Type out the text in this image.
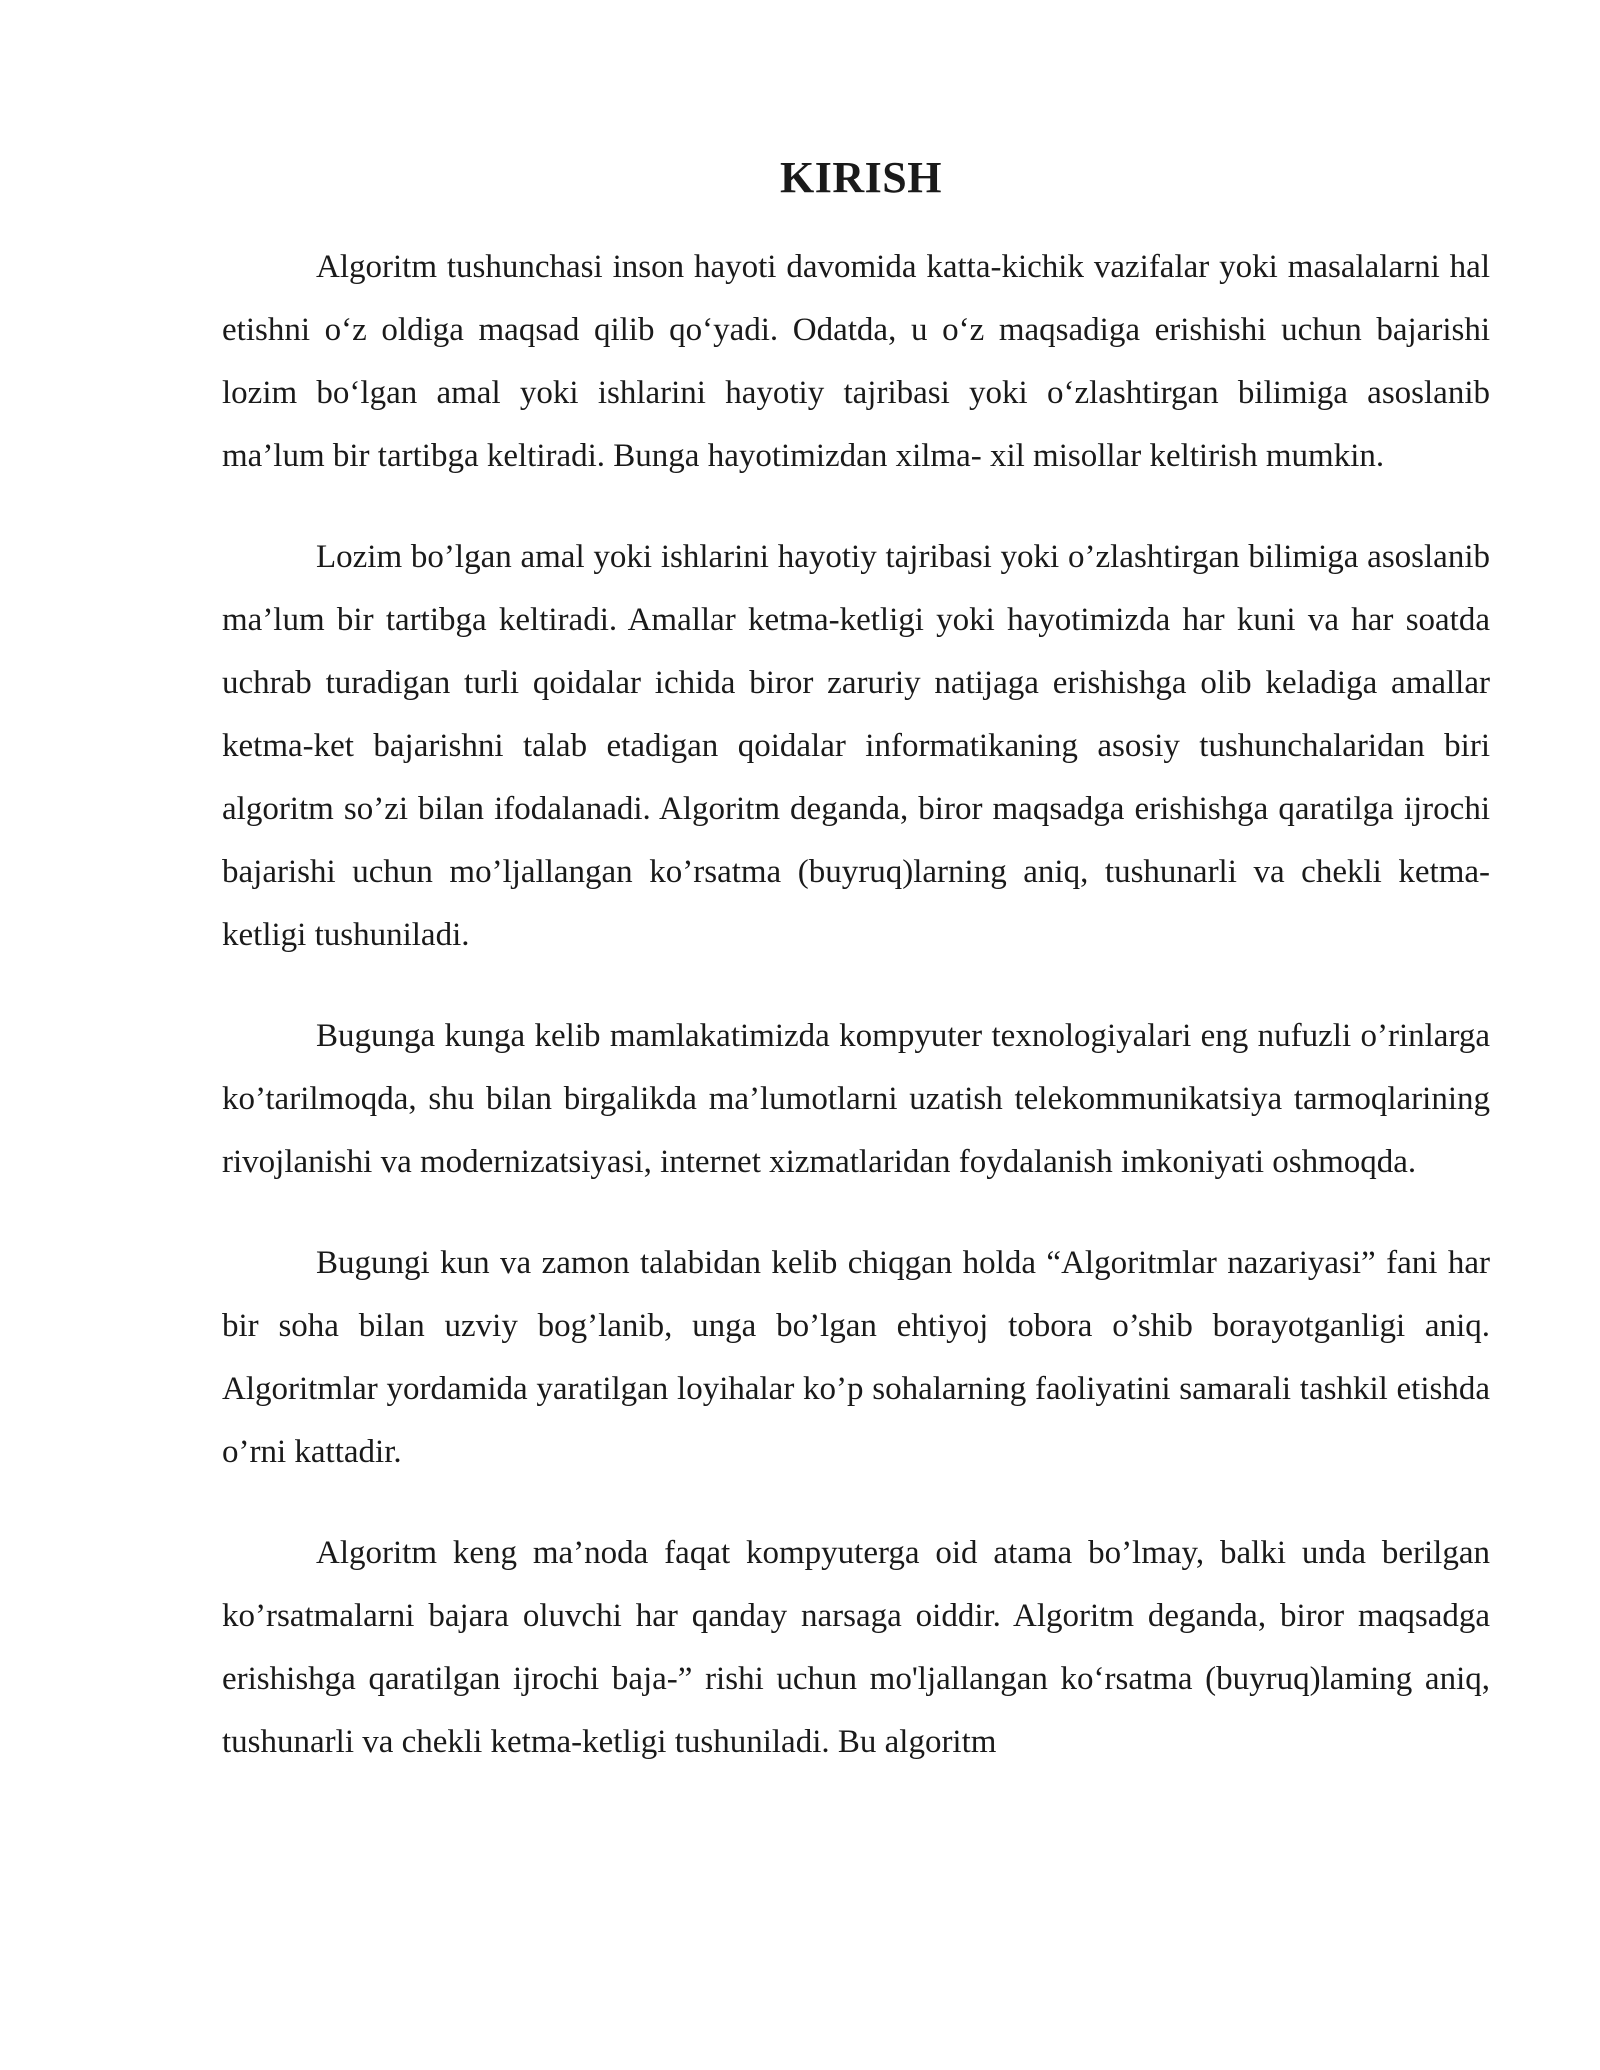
KIRISH

Algoritm tushunchasi inson hayoti davomida katta-kichik vazifalar yoki masalalarni hal etishni o‘z oldiga maqsad qilib qo‘yadi. Odatda, u o‘z maqsadiga erishishi uchun bajarishi lozim bo‘lgan amal yoki ishlarini hayotiy tajribasi yoki o‘zlashtirgan bilimiga asoslanib ma’lum bir tartibga keltiradi. Bunga hayotimizdan xilma- xil misollar keltirish mumkin.

Lozim bo’lgan amal yoki ishlarini hayotiy tajribasi yoki o’zlashtirgan bilimiga asoslanib ma’lum bir tartibga keltiradi. Amallar ketma-ketligi yoki hayotimizda har kuni va har soatda uchrab turadigan turli qoidalar ichida biror zaruriy natijaga erishishga olib keladiga amallar ketma-ket bajarishni talab etadigan qoidalar informatikaning asosiy tushunchalaridan biri algoritm so’zi bilan ifodalanadi. Algoritm deganda, biror maqsadga erishishga qaratilga ijrochi bajarishi uchun mo’ljallangan ko’rsatma (buyruq)larning aniq, tushunarli va chekli ketma-ketligi tushuniladi.

Bugunga kunga kelib mamlakatimizda kompyuter texnologiyalari eng nufuzli o’rinlarga ko’tarilmoqda, shu bilan birgalikda ma’lumotlarni uzatish telekommunikatsiya tarmoqlarining rivojlanishi va modernizatsiyasi, internet xizmatlaridan foydalanish imkoniyati oshmoqda.

Bugungi kun va zamon talabidan kelib chiqgan holda “Algoritmlar nazariyasi” fani har bir soha bilan uzviy bog’lanib, unga bo’lgan ehtiyoj tobora o’shib borayotganligi aniq. Algoritmlar yordamida yaratilgan loyihalar ko’p sohalarning faoliyatini samarali tashkil etishda o’rni kattadir.

Algoritm keng ma’noda faqat kompyuterga oid atama bo’lmay, balki unda berilgan ko’rsatmalarni bajara oluvchi har qanday narsaga oiddir. Algoritm deganda, biror maqsadga erishishga qaratilgan ijrochi baja-” rishi uchun mo'ljallangan ko‘rsatma (buyruq)laming aniq, tushunarli va chekli ketma-ketligi tushuniladi. Bu algoritm
